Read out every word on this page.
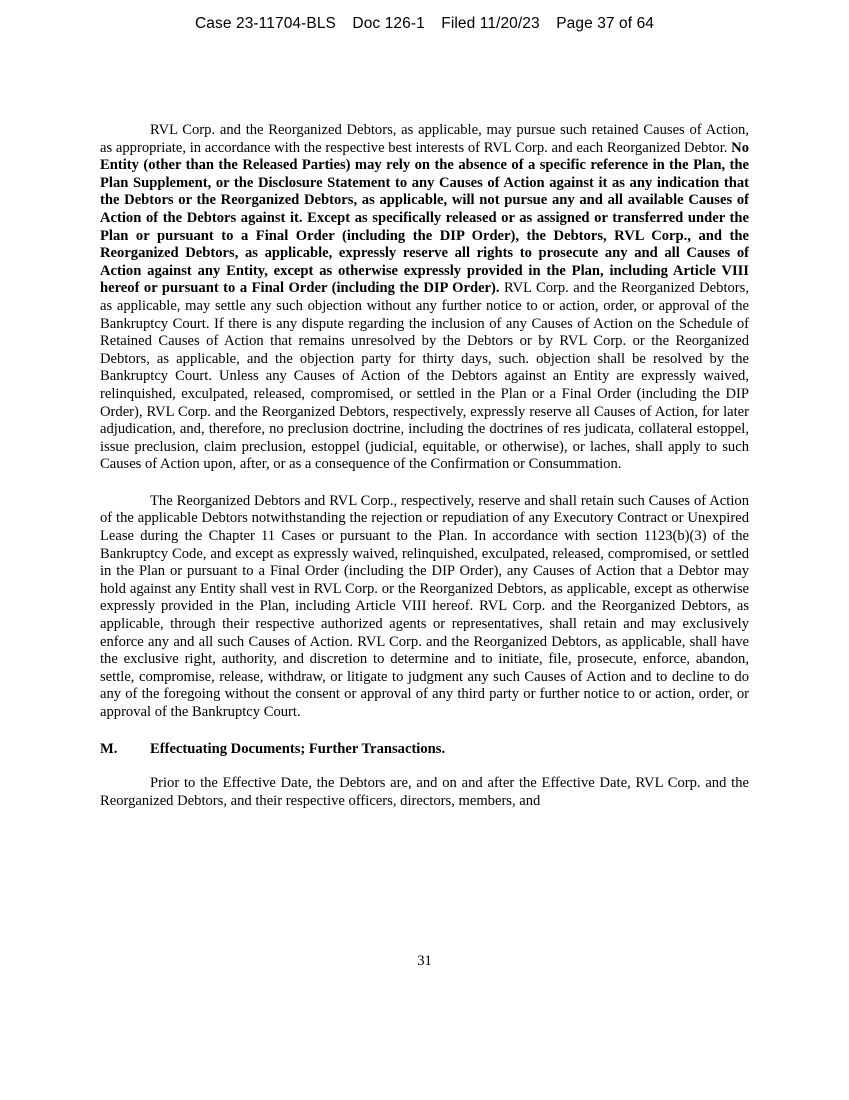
Case 23-11704-BLS Doc 126-1 Filed 11/20/23 Page 37 of 64

RVL Corp. and the Reorganized Debtors, as applicable, may pursue such retained Causes of Action, as appropriate, in accordance with the respective best interests of RVL Corp. and each Reorganized Debtor. No Entity (other than the Released Parties) may rely on the absence of a specific reference in the Plan, the Plan Supplement, or the Disclosure Statement to any Causes of Action against it as any indication that the Debtors or the Reorganized Debtors, as applicable, will not pursue any and all available Causes of Action of the Debtors against it. Except as specifically released or as assigned or transferred under the Plan or pursuant to a Final Order (including the DIP Order), the Debtors, RVL Corp., and the Reorganized Debtors, as applicable, expressly reserve all rights to prosecute any and all Causes of Action against any Entity, except as otherwise expressly provided in the Plan, including Article VIII hereof or pursuant to a Final Order (including the DIP Order). RVL Corp. and the Reorganized Debtors, as applicable, may settle any such objection without any further notice to or action, order, or approval of the Bankruptcy Court. If there is any dispute regarding the inclusion of any Causes of Action on the Schedule of Retained Causes of Action that remains unresolved by the Debtors or by RVL Corp. or the Reorganized Debtors, as applicable, and the objection party for thirty days, such. objection shall be resolved by the Bankruptcy Court. Unless any Causes of Action of the Debtors against an Entity are expressly waived, relinquished, exculpated, released, compromised, or settled in the Plan or a Final Order (including the DIP Order), RVL Corp. and the Reorganized Debtors, respectively, expressly reserve all Causes of Action, for later adjudication, and, therefore, no preclusion doctrine, including the doctrines of res judicata, collateral estoppel, issue preclusion, claim preclusion, estoppel (judicial, equitable, or otherwise), or laches, shall apply to such Causes of Action upon, after, or as a consequence of the Confirmation or Consummation.

The Reorganized Debtors and RVL Corp., respectively, reserve and shall retain such Causes of Action of the applicable Debtors notwithstanding the rejection or repudiation of any Executory Contract or Unexpired Lease during the Chapter 11 Cases or pursuant to the Plan. In accordance with section 1123(b)(3) of the Bankruptcy Code, and except as expressly waived, relinquished, exculpated, released, compromised, or settled in the Plan or pursuant to a Final Order (including the DIP Order), any Causes of Action that a Debtor may hold against any Entity shall vest in RVL Corp. or the Reorganized Debtors, as applicable, except as otherwise expressly provided in the Plan, including Article VIII hereof. RVL Corp. and the Reorganized Debtors, as applicable, through their respective authorized agents or representatives, shall retain and may exclusively enforce any and all such Causes of Action. RVL Corp. and the Reorganized Debtors, as applicable, shall have the exclusive right, authority, and discretion to determine and to initiate, file, prosecute, enforce, abandon, settle, compromise, release, withdraw, or litigate to judgment any such Causes of Action and to decline to do any of the foregoing without the consent or approval of any third party or further notice to or action, order, or approval of the Bankruptcy Court.

M.	Effectuating Documents; Further Transactions.

Prior to the Effective Date, the Debtors are, and on and after the Effective Date, RVL Corp. and the Reorganized Debtors, and their respective officers, directors, members, and

31
